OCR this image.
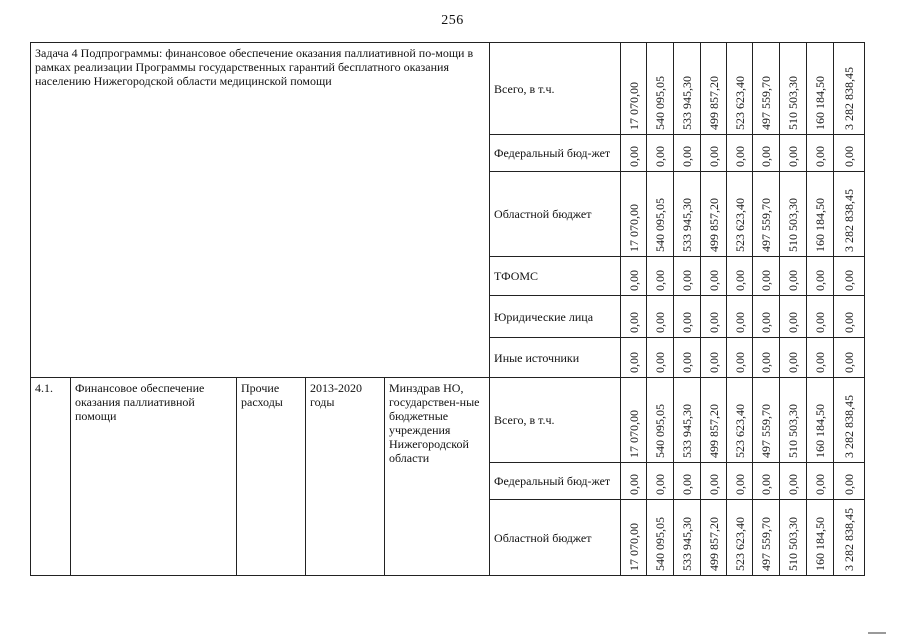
256
Задача 4 Подпрограммы: финансовое обеспечение оказания паллиативной по-мощи в рамках реализации Программы государственных гарантий бесплатного оказания населению Нижегородской области медицинской помощи					Всего, в т.ч.	17 070,00	540 095,05	533 945,30	499 857,20	523 623,40	497 559,70	510 503,30	160 184,50	3 282 838,45

					Федеральный бюд-жет	0,00	0,00	0,00	0,00	0,00	0,00	0,00	0,00	0,00

					Областной бюджет	17 070,00	540 095,05	533 945,30	499 857,20	523 623,40	497 559,70	510 503,30	160 184,50	3 282 838,45

					ТФОМС	0,00	0,00	0,00	0,00	0,00	0,00	0,00	0,00	0,00

					Юридические лица	0,00	0,00	0,00	0,00	0,00	0,00	0,00	0,00	0,00

					Иные источники	0,00	0,00	0,00	0,00	0,00	0,00	0,00	0,00	0,00

4.1.	Финансовое обеспечение оказания паллиативной помощи	Прочие расходы	2013-2020 годы	Минздрав НО, государствен-ные бюджетные учреждения Нижегородской области	Всего, в т.ч.	17 070,00	540 095,05	533 945,30	499 857,20	523 623,40	497 559,70	510 503,30	160 184,50	3 282 838,45

					Федеральный бюд-жет	0,00	0,00	0,00	0,00	0,00	0,00	0,00	0,00	0,00

					Областной бюджет	17 070,00	540 095,05	533 945,30	499 857,20	523 623,40	497 559,70	510 503,30	160 184,50	3 282 838,45
